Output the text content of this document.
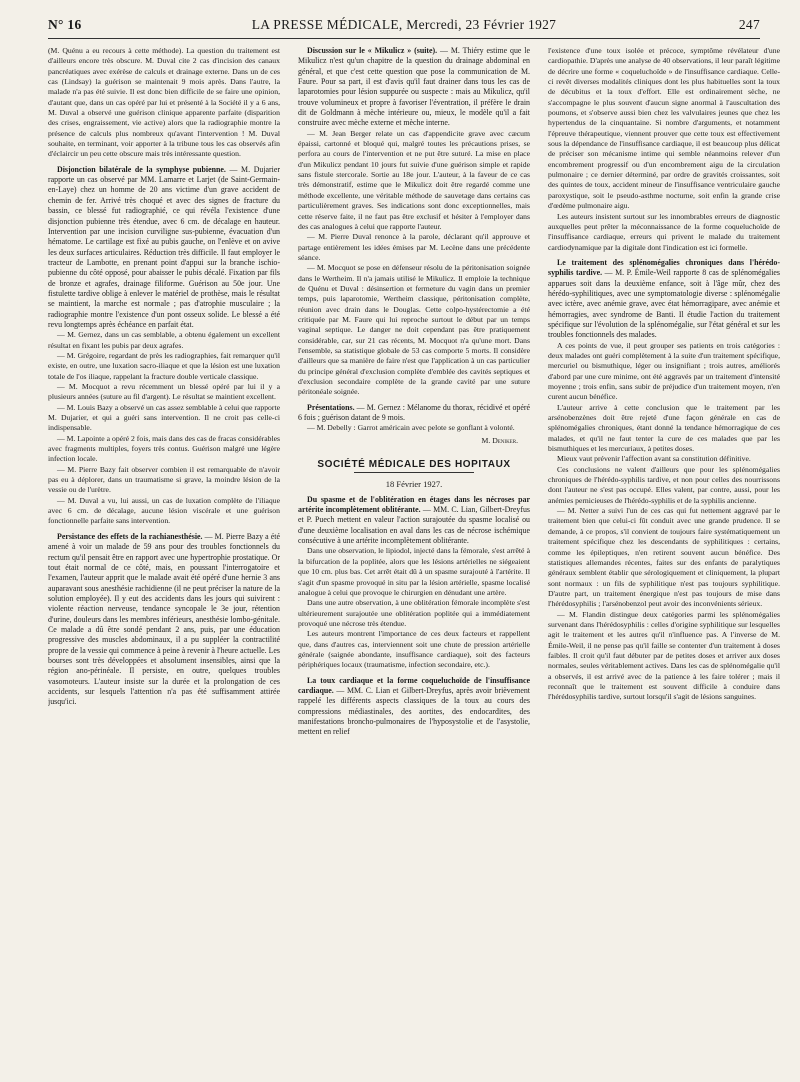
N° 16	LA PRESSE MÉDICALE, Mercredi, 23 Février 1927	247

(M. Quénu a eu recours à cette méthode). La question du traitement est d'ailleurs encore très obscure. M. Duval cite 2 cas d'incision des canaux pancréatiques avec exérèse de calculs et drainage externe. Dans un de ces cas (Lindsay) la guérison se maintenait 9 mois après. Dans l'autre, la malade n'a pas été suivie. Il est donc bien difficile de se faire une opinion, d'autant que, dans un cas opéré par lui et présenté à la Société il y a 6 ans, M. Duval a observé une guérison clinique apparente parfaite (disparition des crises, engraissement, vie active) alors que la radiographie montre la présence de calculs plus nombreux qu'avant l'intervention ! M. Duval souhaite, en terminant, voir apporter à la tribune tous les cas observés afin d'éclaircir un peu cette obscure mais très intéressante question.

Disjonction bilatérale de la symphyse pubienne. — M. Dujarier rapporte un cas observé par MM. Lamarre et Larjet (de Saint-Germain-en-Laye) chez un homme de 20 ans victime d'un grave accident de chemin de fer. Arrivé très choqué et avec des signes de fracture du bassin, ce blessé fut radiographié, ce qui révéla l'existence d'une disjonction pubienne très étendue, avec 6 cm. de décalage en hauteur. Intervention par une incision curviligne sus-pubienne, évacuation d'un hématome. Le cartilage est fixé au pubis gauche, on l'enlève et on avive les deux surfaces articulaires. Réduction très difficile. Il faut employer le tracteur de Lambotte, en prenant point d'appui sur la branche ischio-pubienne du côté opposé, pour abaisser le pubis décalé. Fixation par fils de bronze et agrafes, drainage filiforme. Guérison au 50e jour. Une fistulette tardive oblige à enlever le matériel de prothèse, mais le résultat se maintient, la marche est normale ; pas d'atrophie musculaire ; la radiographie montre l'existence d'un pont osseux solide. Le blessé a été revu longtemps après échéance en parfait état.

— M. Gernez, dans un cas semblable, a obtenu également un excellent résultat en fixant les pubis par deux agrafes.

— M. Grégoire, regardant de près les radiographies, fait remarquer qu'il existe, en outre, une luxation sacro-iliaque et que la lésion est une luxation totale de l'os iliaque, rappelant la fracture double verticale classique.

— M. Mocquot a revu récemment un blessé opéré par lui il y a plusieurs années (suture au fil d'argent). Le résultat se maintient excellent.

— M. Louis Bazy a observé un cas assez semblable à celui que rapporte M. Dujarier, et qui a guéri sans intervention. Il ne croit pas celle-ci indispensable.

— M. Lapointe a opéré 2 fois, mais dans des cas de fracas considérables avec fragments multiples, foyers très contus. Guérison malgré une légère infection locale.

— M. Pierre Bazy fait observer combien il est remarquable de n'avoir pas eu à déplorer, dans un traumatisme si grave, la moindre lésion de la vessie ou de l'urètre.

— M. Duval a vu, lui aussi, un cas de luxation complète de l'iliaque avec 6 cm. de décalage, aucune lésion viscérale et une guérison fonctionnelle parfaite sans intervention.

Persistance des effets de la rachianesthésie. — M. Pierre Bazy a été amené à voir un malade de 59 ans pour des troubles fonctionnels du rectum qu'il pensait être en rapport avec une hypertrophie prostatique. Or tout était normal de ce côté, mais, en poussant l'interrogatoire et l'examen, l'auteur apprit que le malade avait été opéré d'une hernie 3 ans auparavant sous anesthésie rachidienne (il ne peut préciser la nature de la solution employée). Il y eut des accidents dans les jours qui suivirent : violente réaction nerveuse, tendance syncopale le 3e jour, rétention d'urine, douleurs dans les membres inférieurs, anesthésie lombo-génitale. Ce malade a dû être sondé pendant 2 ans, puis, par une éducation progressive des muscles abdominaux, il a pu suppléer la contractilité propre de la vessie qui commence à peine à revenir à l'heure actuelle. Les bourses sont très développées et absolument insensibles, ainsi que la région ano-périnéale. Il persiste, en outre, quelques troubles vasomoteurs. L'auteur insiste sur la durée et la prolongation de ces accidents, sur lesquels l'attention n'a pas été suffisamment attirée jusqu'ici.
Discussion sur le « Mikulicz » (suite). — M. Thiéry estime que le Mikulicz n'est qu'un chapitre de la question du drainage abdominal en général, et que c'est cette question que pose la communication de M. Faure. Pour sa part, il est d'avis qu'il faut drainer dans tous les cas de laparotomies pour lésion suppurée ou suspecte : mais au Mikulicz, qu'il trouve volumineux et propre à favoriser l'éventration, il préfère le drain dit de Goldmann à mèche intérieure ou, mieux, le modèle qu'il a fait construire avec mèche externe et mèche interne.

— M. Jean Berger relate un cas d'appendicite grave avec cæcum épaissi, cartonné et bloqué qui, malgré toutes les précautions prises, se perfora au cours de l'intervention et ne put être suturé. La mise en place d'un Mikulicz pendant 10 jours fut suivie d'une guérison simple et rapide sans fistule stercorale. Sortie au 18e jour. L'auteur, à la faveur de ce cas très démonstratif, estime que le Mikulicz doit être regardé comme une méthode excellente, une véritable méthode de sauvetage dans certains cas particulièrement graves. Ses indications sont donc exceptionnelles, mais cette réserve faite, il ne faut pas être exclusif et hésiter à l'employer dans des cas analogues à celui que rapporte l'auteur.

— M. Pierre Duval renonce à la parole, déclarant qu'il approuve et partage entièrement les idées émises par M. Lecène dans une précédente séance.

— M. Mocquot se pose en défenseur résolu de la péritonisation soignée dans le Wertheim. Il n'a jamais utilisé le Mikulicz. Il emploie la technique de Quénu et Duval : désinsertion et fermeture du vagin dans un premier temps, puis laparotomie, Wertheim classique, péritonisation complète, réunion avec drain dans le Douglas. Cette colpo-hystérectomie a été critiquée par M. Faure qui lui reproche surtout le début par un temps vaginal septique. Le danger ne doit cependant pas être pratiquement considérable, car, sur 21 cas récents, M. Mocquot n'a qu'une mort. Dans l'ensemble, sa statistique globale de 53 cas comporte 5 morts. Il considère d'ailleurs que sa manière de faire n'est que l'application à un cas particulier du principe général d'exclusion complète d'emblée des cavités septiques et d'exclusion secondaire complète de la grande cavité par une suture péritonéale soignée.

Présentations. — M. Gernez : Mélanome du thorax, récidivé et opéré 6 fois ; guérison datant de 9 mois.

— M. Debelly : Garrot américain avec pelote se gonflant à volonté.

M. Deniker.

SOCIÉTÉ MÉDICALE DES HOPITAUX

18 Février 1927.

Du spasme et de l'oblitération en étages dans les nécroses par artérite incomplètement oblitérante. — MM. C. Lian, Gilbert-Dreyfus et P. Puech mettent en valeur l'action surajoutée du spasme localisé ou d'une deuxième localisation en aval dans les cas de nécrose ischémique consécutive à une artérite incomplètement oblitérante.

Dans une observation, le lipiodol, injecté dans la fémorale, s'est arrêté à la bifurcation de la poplitée, alors que les lésions artérielles ne siégeaient que 10 cm. plus bas. Cet arrêt était dû à un spasme surajouté à l'artérite. Il s'agit d'un spasme provoqué in situ par la lésion artérielle, spasme localisé analogue à celui que provoque le chirurgien en dénudant une artère.

Dans une autre observation, à une oblitération fémorale incomplète s'est ultérieurement surajoutée une oblitération poplitée qui a immédiatement provoqué une nécrose très étendue.

Les auteurs montrent l'importance de ces deux facteurs et rappellent que, dans d'autres cas, interviennent soit une chute de pression artérielle générale (saignée abondante, insuffisance cardiaque), soit des facteurs périphériques locaux (traumatisme, infection secondaire, etc.).

La toux cardiaque et la forme coqueluchoïde de l'insuffisance cardiaque. — MM. C. Lian et Gilbert-Dreyfus, après avoir brièvement rappelé les différents aspects classiques de la toux au cours des compressions médiastinales, des aortites, des endocardites, des manifestations broncho-pulmonaires de l'hyposystolie et de l'asystolie, mettent en relief

l'existence d'une toux isolée et précoce, symptôme révélateur d'une cardiopathie. D'après une analyse de 40 observations, il leur paraît légitime de décrire une forme « coqueluchoïde » de l'insuffisance cardiaque. Celle-ci revêt diverses modalités cliniques dont les plus habituelles sont la toux de décubitus et la toux d'effort. Elle est ordinairement sèche, ne s'accompagne le plus souvent d'aucun signe anormal à l'auscultation des poumons, et s'observe aussi bien chez les valvulaires jeunes que chez les hypertendus de la cinquantaine. Si nombre d'arguments, et notamment l'épreuve thérapeutique, viennent prouver que cette toux est effectivement sous la dépendance de l'insuffisance cardiaque, il est beaucoup plus délicat de préciser son mécanisme intime qui semble néanmoins relever d'un encombrement progressif ou d'un encombrement aigu de la circulation pulmonaire ; ce dernier déterminé, par ordre de gravités croissantes, soit des quintes de toux, accident mineur de l'insuffisance ventriculaire gauche paroxystique, soit le pseudo-asthme nocturne, soit enfin la grande crise d'œdème pulmonaire aigu.

Les auteurs insistent surtout sur les innombrables erreurs de diagnostic auxquelles peut prêter la méconnaissance de la forme coqueluchoïde de l'insuffisance cardiaque, erreurs qui privent le malade du traitement cardiodynamique par la digitale dont l'indication est ici formelle.

Le traitement des splénomégalies chroniques dans l'hérédo-syphilis tardive. — M. P. Émile-Weil rapporte 8 cas de splénomégalies apparues soit dans la deuxième enfance, soit à l'âge mûr, chez des hérédo-syphilitiques, avec une symptomatologie diverse : splénomégalie avec ictère, avec anémie grave, avec état hémorragipare, avec anémie et hémorragies, avec syndrome de Banti. Il étudie l'action du traitement spécifique sur l'évolution de la splénomégalie, sur l'état général et sur les troubles fonctionnels des malades.

A ces points de vue, il peut grouper ses patients en trois catégories : deux malades ont guéri complètement à la suite d'un traitement spécifique, mercuriel ou bismuthique, léger ou insignifiant ; trois autres, améliorés d'abord par une cure minime, ont été aggravés par un traitement d'intensité moyenne ; trois enfin, sans subir de préjudice d'un traitement moyen, n'en curent aucun bénéfice.

L'auteur arrive à cette conclusion que le traitement par les arsénobenzènes doit être rejeté d'une façon générale en cas de splénomégalies chroniques, étant donné la tendance hémorragique de ces malades, et qu'il ne faut tenter la cure de ces malades que par les bismuthiques et les mercuriaux, à petites doses.

Mieux vaut prévenir l'affection avant sa constitution définitive.

Ces conclusions ne valent d'ailleurs que pour les splénomégalies chroniques de l'hérédo-syphilis tardive, et non pour celles des nourrissons dont l'auteur ne s'est pas occupé. Elles valent, par contre, aussi, pour les anémies pernicieuses de l'hérédo-syphilis et de la syphilis ancienne.

— M. Netter a suivi l'un de ces cas qui fut nettement aggravé par le traitement bien que celui-ci fût conduit avec une grande prudence. Il se demande, à ce propos, s'il convient de toujours faire systématiquement un traitement spécifique chez les descendants de syphilitiques : certains, comme les épileptiques, n'en retirent souvent aucun bénéfice. Des statistiques allemandes récentes, faites sur des enfants de paralytiques généraux semblent établir que sérologiquement et cliniquement, la plupart sont normaux : un fils de syphilitique n'est pas toujours syphilitique. D'autre part, un traitement énergique n'est pas toujours de mise dans l'hérédosyphilis ; l'arsénobenzol peut avoir des inconvénients sérieux.

— M. Flandin distingue deux catégories parmi les splénomégalies survenant dans l'hérédosyphilis : celles d'origine syphilitique sur lesquelles agit le traitement et les autres qu'il n'influence pas. A l'inverse de M. Émile-Weil, il ne pense pas qu'il faille se contenter d'un traitement à doses faibles. Il croit qu'il faut débuter par de petites doses et arriver aux doses normales, seules véritablement actives. Dans les cas de splénomégalie qu'il a observés, il est arrivé avec de la patience à les faire tolérer ; mais il reconnaît que le traitement est souvent difficile à conduire dans l'hérédosyphilis tardive, surtout lorsqu'il s'agit de lésions sanguines.
